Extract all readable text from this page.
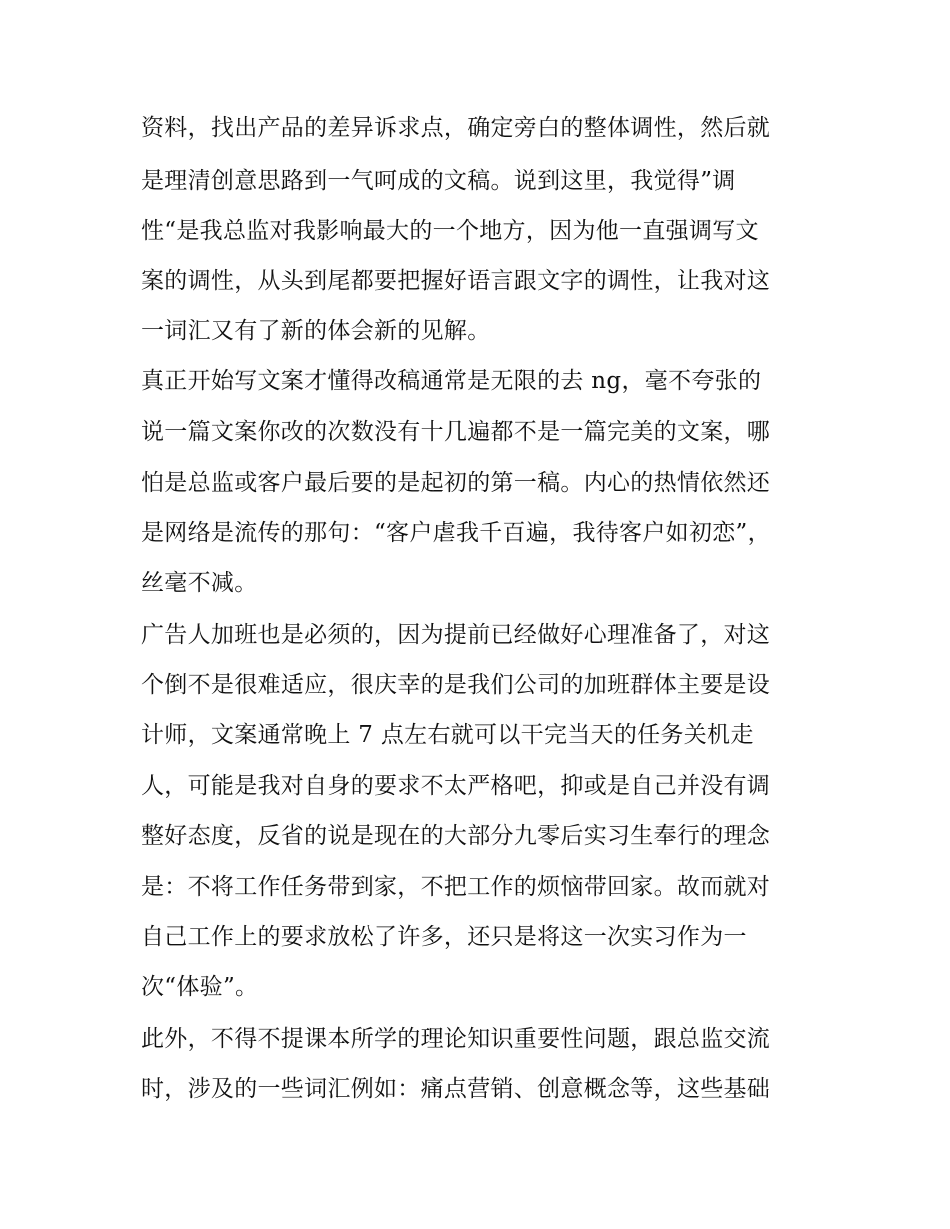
资料，找出产品的差异诉求点，确定旁白的整体调性，然后就
是理清创意思路到一气呵成的文稿。说到这里，我觉得”调
性“是我总监对我影响最大的一个地方，因为他一直强调写文
案的调性，从头到尾都要把握好语言跟文字的调性，让我对这
一词汇又有了新的体会新的见解。
真正开始写文案才懂得改稿通常是无限的去 ng，毫不夸张的
说一篇文案你改的次数没有十几遍都不是一篇完美的文案，哪
怕是总监或客户最后要的是起初的第一稿。内心的热情依然还
是网络是流传的那句：“客户虐我千百遍，我待客户如初恋”，
丝毫不减。
广告人加班也是必须的，因为提前已经做好心理准备了，对这
个倒不是很难适应，很庆幸的是我们公司的加班群体主要是设
计师，文案通常晚上 7 点左右就可以干完当天的任务关机走
人，可能是我对自身的要求不太严格吧，抑或是自己并没有调
整好态度，反省的说是现在的大部分九零后实习生奉行的理念
是：不将工作任务带到家，不把工作的烦恼带回家。故而就对
自己工作上的要求放松了许多，还只是将这一次实习作为一
次“体验”。
此外，不得不提课本所学的理论知识重要性问题，跟总监交流
时，涉及的一些词汇例如：痛点营销、创意概念等，这些基础
